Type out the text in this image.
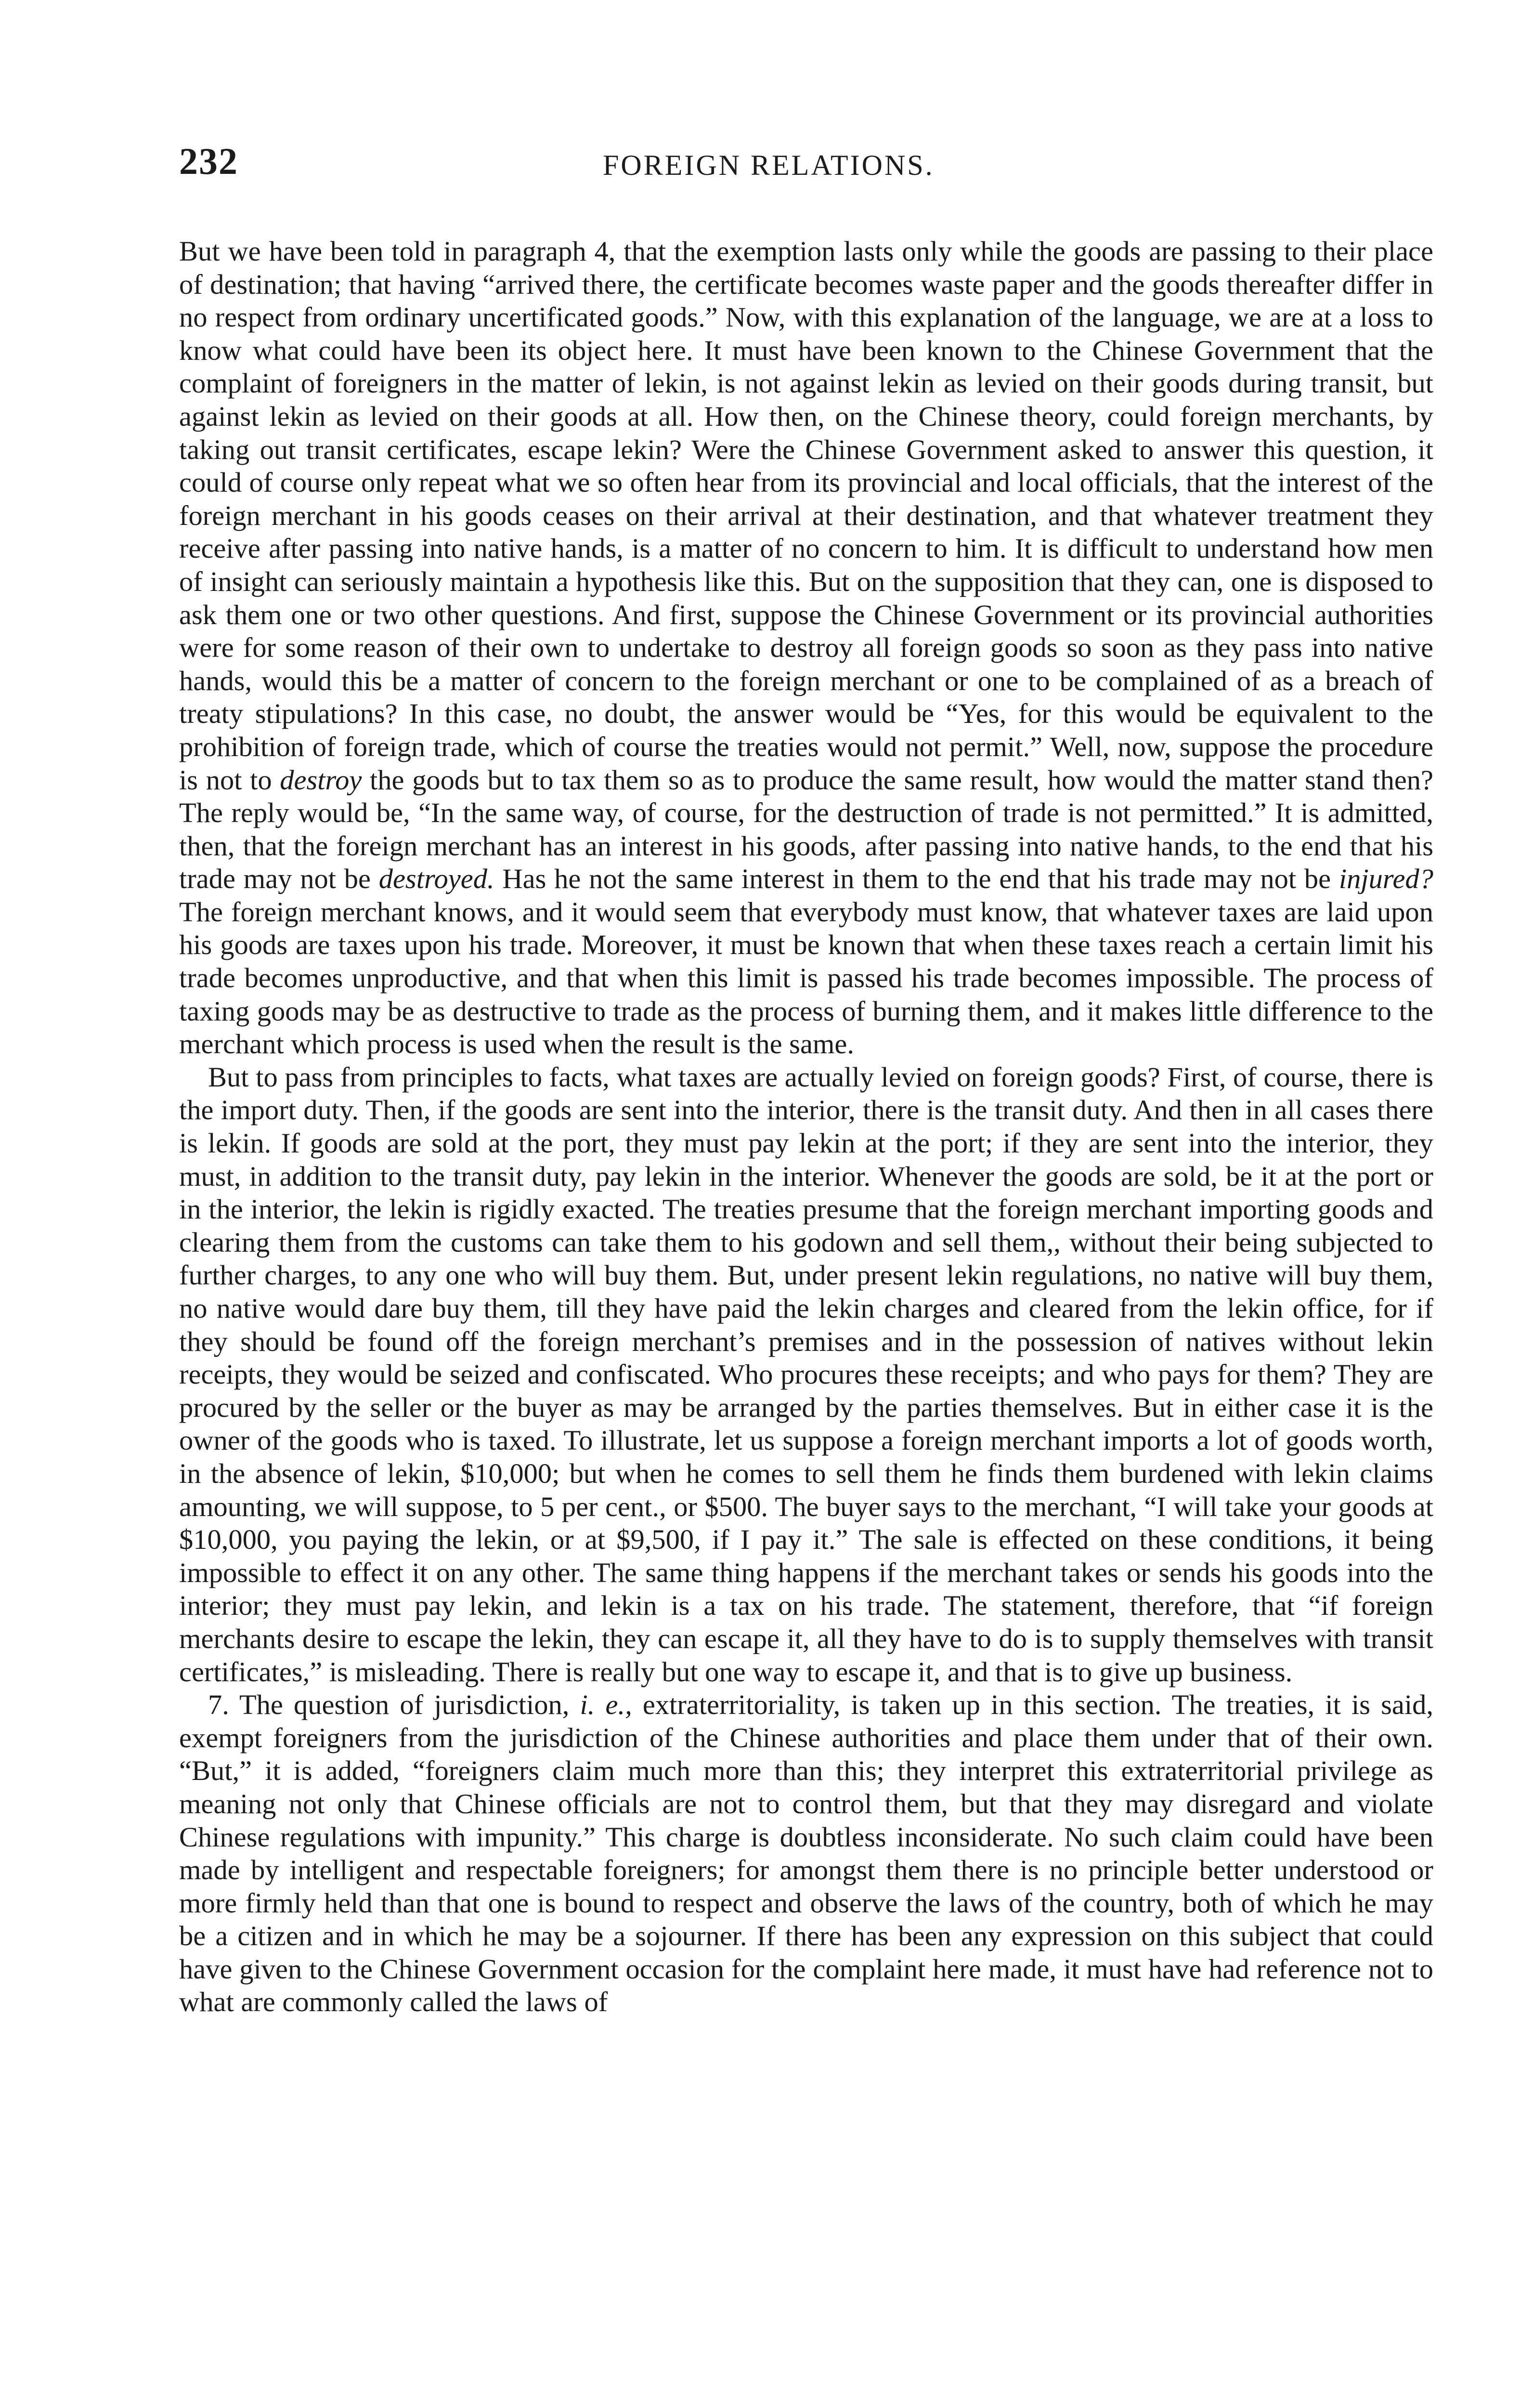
232	FOREIGN RELATIONS.

But we have been told in paragraph 4, that the exemption lasts only while the goods are passing to their place of destination; that having “arrived there, the certificate becomes waste paper and the goods thereafter differ in no respect from ordinary uncertificated goods.” Now, with this explanation of the language, we are at a loss to know what could have been its object here. It must have been known to the Chinese Government that the complaint of foreigners in the matter of lekin, is not against lekin as levied on their goods during transit, but against lekin as levied on their goods at all. How then, on the Chinese theory, could foreign merchants, by taking out transit certificates, escape lekin? Were the Chinese Government asked to answer this question, it could of course only repeat what we so often hear from its provincial and local officials, that the interest of the foreign merchant in his goods ceases on their arrival at their destination, and that whatever treatment they receive after passing into native hands, is a matter of no concern to him. It is difficult to understand how men of insight can seriously maintain a hypothesis like this. But on the supposition that they can, one is disposed to ask them one or two other questions. And first, suppose the Chinese Government or its provincial authorities were for some reason of their own to undertake to destroy all foreign goods so soon as they pass into native hands, would this be a matter of concern to the foreign merchant or one to be complained of as a breach of treaty stipulations? In this case, no doubt, the answer would be “Yes, for this would be equivalent to the prohibition of foreign trade, which of course the treaties would not permit.” Well, now, suppose the procedure is not to destroy the goods but to tax them so as to produce the same result, how would the matter stand then? The reply would be, “In the same way, of course, for the destruction of trade is not permitted.” It is admitted, then, that the foreign merchant has an interest in his goods, after passing into native hands, to the end that his trade may not be destroyed. Has he not the same interest in them to the end that his trade may not be injured? The foreign merchant knows, and it would seem that everybody must know, that whatever taxes are laid upon his goods are taxes upon his trade. Moreover, it must be known that when these taxes reach a certain limit his trade becomes unproductive, and that when this limit is passed his trade becomes impossible. The process of taxing goods may be as destructive to trade as the process of burning them, and it makes little difference to the merchant which process is used when the result is the same.

But to pass from principles to facts, what taxes are actually levied on foreign goods? First, of course, there is the import duty. Then, if the goods are sent into the interior, there is the transit duty. And then in all cases there is lekin. If goods are sold at the port, they must pay lekin at the port; if they are sent into the interior, they must, in addition to the transit duty, pay lekin in the interior. Whenever the goods are sold, be it at the port or in the interior, the lekin is rigidly exacted. The treaties presume that the foreign merchant importing goods and clearing them from the customs can take them to his godown and sell them,, without their being subjected to further charges, to any one who will buy them. But, under present lekin regulations, no native will buy them, no native would dare buy them, till they have paid the lekin charges and cleared from the lekin office, for if they should be found off the foreign merchant’s premises and in the possession of natives without lekin receipts, they would be seized and confiscated. Who procures these receipts; and who pays for them? They are procured by the seller or the buyer as may be arranged by the parties themselves. But in either case it is the owner of the goods who is taxed. To illustrate, let us suppose a foreign merchant imports a lot of goods worth, in the absence of lekin, $10,000; but when he comes to sell them he finds them burdened with lekin claims amounting, we will suppose, to 5 per cent., or $500. The buyer says to the merchant, “I will take your goods at $10,000, you paying the lekin, or at $9,500, if I pay it.” The sale is effected on these conditions, it being impossible to effect it on any other. The same thing happens if the merchant takes or sends his goods into the interior; they must pay lekin, and lekin is a tax on his trade. The statement, therefore, that “if foreign merchants desire to escape the lekin, they can escape it, all they have to do is to supply themselves with transit certificates,” is misleading. There is really but one way to escape it, and that is to give up business.

7. The question of jurisdiction, i. e., extraterritoriality, is taken up in this section. The treaties, it is said, exempt foreigners from the jurisdiction of the Chinese authorities and place them under that of their own. “But,” it is added, “foreigners claim much more than this; they interpret this extraterritorial privilege as meaning not only that Chinese officials are not to control them, but that they may disregard and violate Chinese regulations with impunity.” This charge is doubtless inconsiderate. No such claim could have been made by intelligent and respectable foreigners; for amongst them there is no principle better understood or more firmly held than that one is bound to respect and observe the laws of the country, both of which he may be a citizen and in which he may be a sojourner. If there has been any expression on this subject that could have given to the Chinese Government occasion for the complaint here made, it must have had reference not to what are commonly called the laws of
